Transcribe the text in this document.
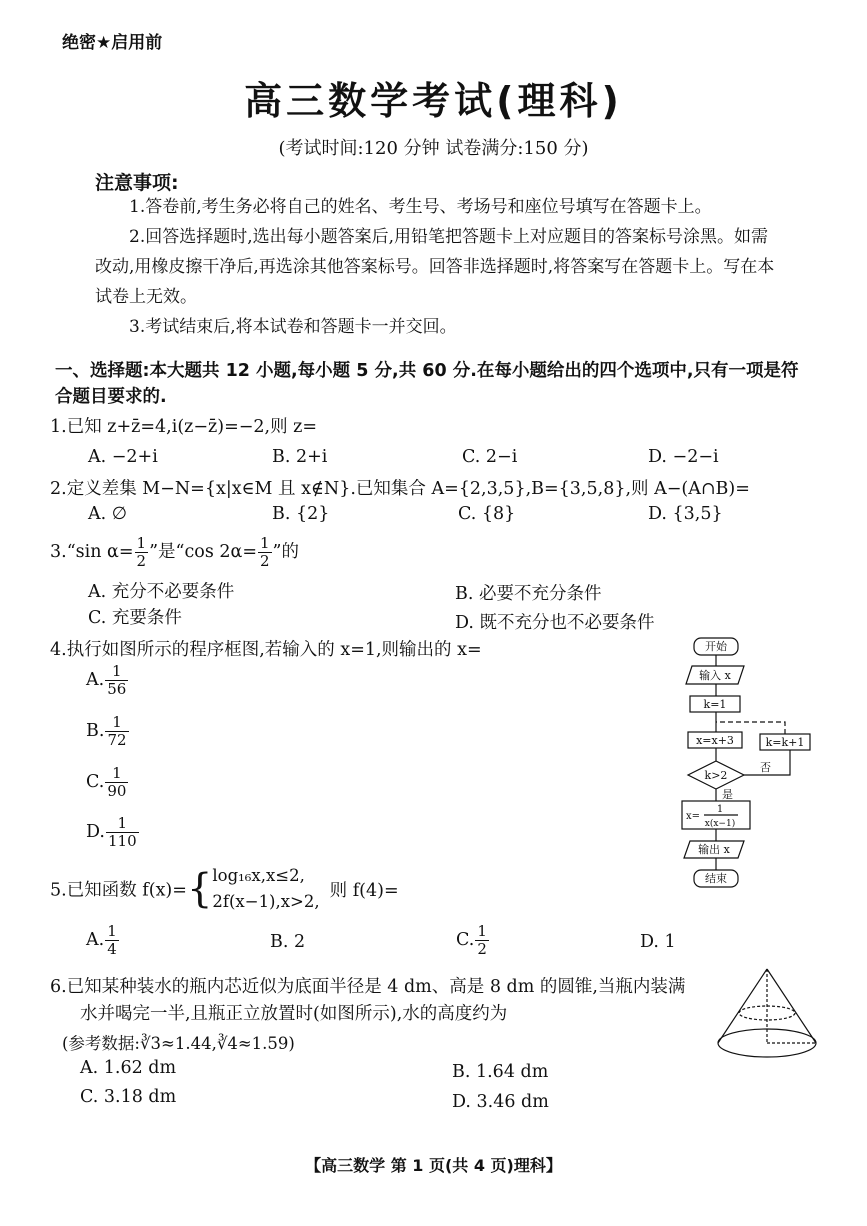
绝密★启用前
高三数学考试(理科)
(考试时间:120 分钟 试卷满分:150 分)
注意事项:

1.答卷前,考生务必将自己的姓名、考生号、考场号和座位号填写在答题卡上。

2.回答选择题时,选出每小题答案后,用铅笔把答题卡上对应题目的答案标号涂黑。如需改动,用橡皮擦干净后,再选涂其他答案标号。回答非选择题时,将答案写在答题卡上。写在本试卷上无效。

3.考试结束后,将本试卷和答题卡一并交回。

一、选择题:本大题共 12 小题,每小题 5 分,共 60 分.在每小题给出的四个选项中,只有一项是符合题目要求的.
1.已知 z+z̄=4,i(z−z̄)=−2,则 z=
A. −2+i	B. 2+i	C. 2−i	D. −2−i
2.定义差集 M−N={x|x∈M 且 x∉N}.已知集合 A={2,3,5},B={3,5,8},则 A−(A∩B)=
A. ∅	B. {2}	C. {8}	D. {3,5}
3.“sin $\alpha= \frac{1}{2}$ ”是“cos $2\alpha= \frac{1}{2}$ ”的
A. 充分不必要条件	B. 必要不充分条件
C. 充要条件	D. 既不充分也不必要条件
4.执行如图所示的程序框图,若输入的 x=1,则输出的 x=
A. $\frac{1}{56}$
B. $\frac{1}{72}$
C. $\frac{1}{90}$
D. $\frac{1}{110}$
开始
输入 x
k=1
x=x+3
k>2
否
k=k+1
是
x=
1
x(x−1)
输出 x
结束
5.已知函数 f(x)={ log₁₆x,x≤2,
2f(x−1),x>2,
则 f(4)=
A. $\frac{1}{4}$	B. 2	C. $\frac{1}{2}$	D. 1
6.已知某种装水的瓶内芯近似为底面半径是 4 dm、高是 8 dm 的圆锥,当瓶内装满
水并喝完一半,且瓶正立放置时(如图所示),水的高度约为
(参考数据:∛3≈1.44,∛4≈1.59)
A. 1.62 dm	B. 1.64 dm
C. 3.18 dm	D. 3.46 dm
【高三数学 第 1 页(共 4 页)理科】
